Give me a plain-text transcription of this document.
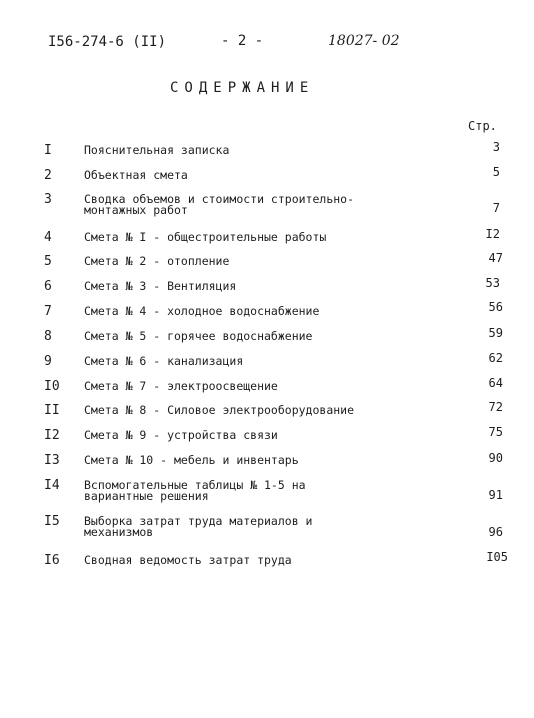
I56-274-6 (II)	- 2 -	18027- 02
СОДЕРЖАНИЕ
Стр.
I	Пояснительная записка	3
2	Объектная смета	5
3	Сводка объемов и стоимости строительно-
монтажных работ	7
4	Смета № I - общестроительные работы	I2
5	Смета № 2 - отопление	47
6	Смета № 3 - Вентиляция	53
7	Смета № 4 - холодное водоснабжение	56
8	Смета № 5 - горячее водоснабжение	59
9	Смета № 6 - канализация	62
I0	Смета № 7 - электроосвещение	64
II	Смета № 8 - Силовое электрооборудование	72
I2	Смета № 9 - устройства связи	75
I3	Смета № 10 - мебель и инвентарь	90
I4	Вспомогательные таблицы № 1-5 на
вариантные решения	91
I5	Выборка затрат труда материалов и
механизмов	96
I6	Сводная ведомость затрат труда	I05
